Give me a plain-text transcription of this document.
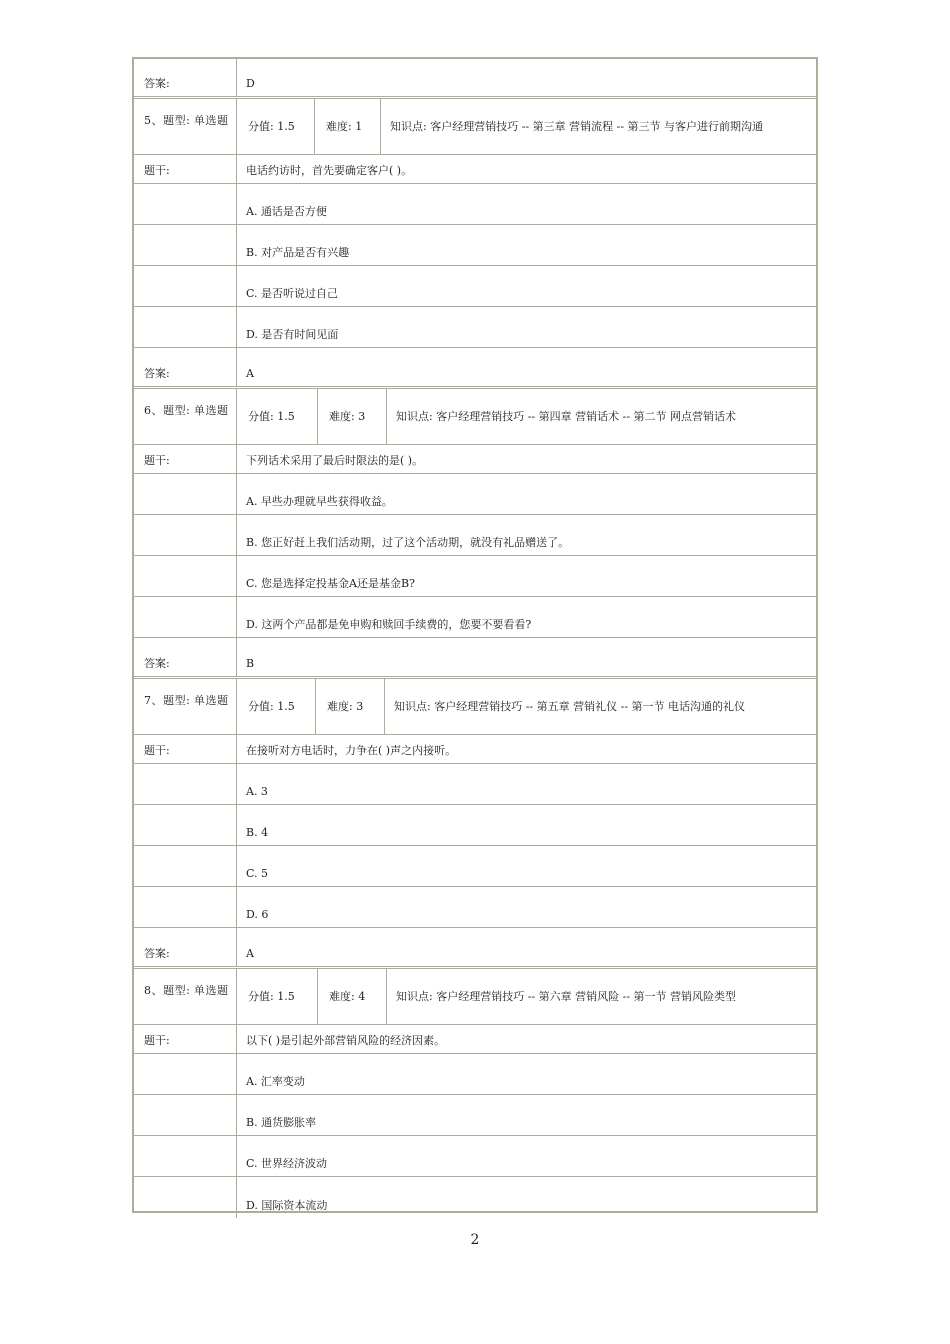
答案:	D
5、题型: 单选题 分值: 1.5	难度: 1	知识点: 客户经理营销技巧 -- 第三章 营销流程 -- 第三节 与客户进行前期沟通
题干:	电话约访时，首先要确定客户( )。
A. 通话是否方便
B. 对产品是否有兴趣
C. 是否听说过自己
D. 是否有时间见面
答案:	A
6、题型: 单选题 分值: 1.5	难度: 3	知识点: 客户经理营销技巧 -- 第四章 营销话术 -- 第二节 网点营销话术
题干:	下列话术采用了最后时限法的是( )。
A. 早些办理就早些获得收益。
B. 您正好赶上我们活动期，过了这个活动期，就没有礼品赠送了。
C. 您是选择定投基金A还是基金B?
D. 这两个产品都是免申购和赎回手续费的，您要不要看看?
答案:	B
7、题型: 单选题 分值: 1.5	难度: 3	知识点: 客户经理营销技巧 -- 第五章 营销礼仪 -- 第一节 电话沟通的礼仪
题干:	在接听对方电话时，力争在( )声之内接听。
A. 3
B. 4
C. 5
D. 6
答案:	A
8、题型: 单选题 分值: 1.5	难度: 4	知识点: 客户经理营销技巧 -- 第六章 营销风险 -- 第一节 营销风险类型
题干:	以下( )是引起外部营销风险的经济因素。
A. 汇率变动
B. 通货膨胀率
C. 世界经济波动
D. 国际资本流动
2
